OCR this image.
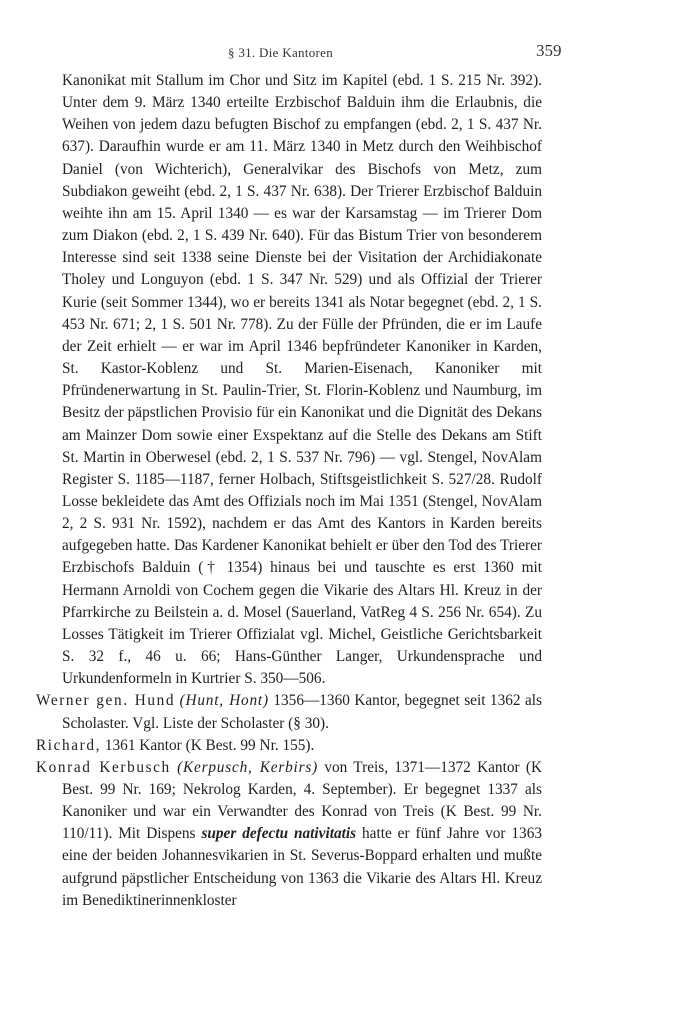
§ 31. Die Kantoren	359

Kanonikat mit Stallum im Chor und Sitz im Kapitel (ebd. 1 S. 215 Nr. 392). Unter dem 9. März 1340 erteilte Erzbischof Balduin ihm die Erlaubnis, die Weihen von jedem dazu befugten Bischof zu empfangen (ebd. 2, 1 S. 437 Nr. 637). Daraufhin wurde er am 11. März 1340 in Metz durch den Weihbischof Daniel (von Wichterich), Generalvikar des Bischofs von Metz, zum Subdiakon geweiht (ebd. 2, 1 S. 437 Nr. 638). Der Trierer Erzbischof Balduin weihte ihn am 15. April 1340 — es war der Karsamstag — im Trierer Dom zum Diakon (ebd. 2, 1 S. 439 Nr. 640). Für das Bistum Trier von besonderem Interesse sind seit 1338 seine Dienste bei der Visitation der Archidiakonate Tholey und Longuyon (ebd. 1 S. 347 Nr. 529) und als Offizial der Trierer Kurie (seit Sommer 1344), wo er bereits 1341 als Notar begegnet (ebd. 2, 1 S. 453 Nr. 671; 2, 1 S. 501 Nr. 778). Zu der Fülle der Pfründen, die er im Laufe der Zeit erhielt — er war im April 1346 bepfründeter Kanoniker in Karden, St. Kastor-Koblenz und St. Marien-Eisenach, Kanoniker mit Pfründenerwartung in St. Paulin-Trier, St. Florin-Koblenz und Naumburg, im Besitz der päpstlichen Provisio für ein Kanonikat und die Dignität des Dekans am Mainzer Dom sowie einer Exspektanz auf die Stelle des Dekans am Stift St. Martin in Oberwesel (ebd. 2, 1 S. 537 Nr. 796) — vgl. Stengel, NovAlam Register S. 1185—1187, ferner Holbach, Stiftsgeistlichkeit S. 527/28. Rudolf Losse bekleidete das Amt des Offizials noch im Mai 1351 (Stengel, NovAlam 2, 2 S. 931 Nr. 1592), nachdem er das Amt des Kantors in Karden bereits aufgegeben hatte. Das Kardener Kanonikat behielt er über den Tod des Trierer Erzbischofs Balduin († 1354) hinaus bei und tauschte es erst 1360 mit Hermann Arnoldi von Cochem gegen die Vikarie des Altars Hl. Kreuz in der Pfarrkirche zu Beilstein a. d. Mosel (Sauerland, VatReg 4 S. 256 Nr. 654). Zu Losses Tätigkeit im Trierer Offizialat vgl. Michel, Geistliche Gerichtsbarkeit S. 32 f., 46 u. 66; Hans-Günther Langer, Urkundensprache und Urkundenformeln in Kurtrier S. 350—506.

Werner gen. Hund (Hunt, Hont) 1356—1360 Kantor, begegnet seit 1362 als Scholaster. Vgl. Liste der Scholaster (§ 30).

Richard, 1361 Kantor (K Best. 99 Nr. 155).

Konrad Kerbusch (Kerpusch, Kerbirs) von Treis, 1371—1372 Kantor (K Best. 99 Nr. 169; Nekrolog Karden, 4. September). Er begegnet 1337 als Kanoniker und war ein Verwandter des Konrad von Treis (K Best. 99 Nr. 110/11). Mit Dispens super defectu nativitatis hatte er fünf Jahre vor 1363 eine der beiden Johannesvikarien in St. Severus-Boppard erhalten und mußte aufgrund päpstlicher Entscheidung von 1363 die Vikarie des Altars Hl. Kreuz im Benediktinerinnenkloster
